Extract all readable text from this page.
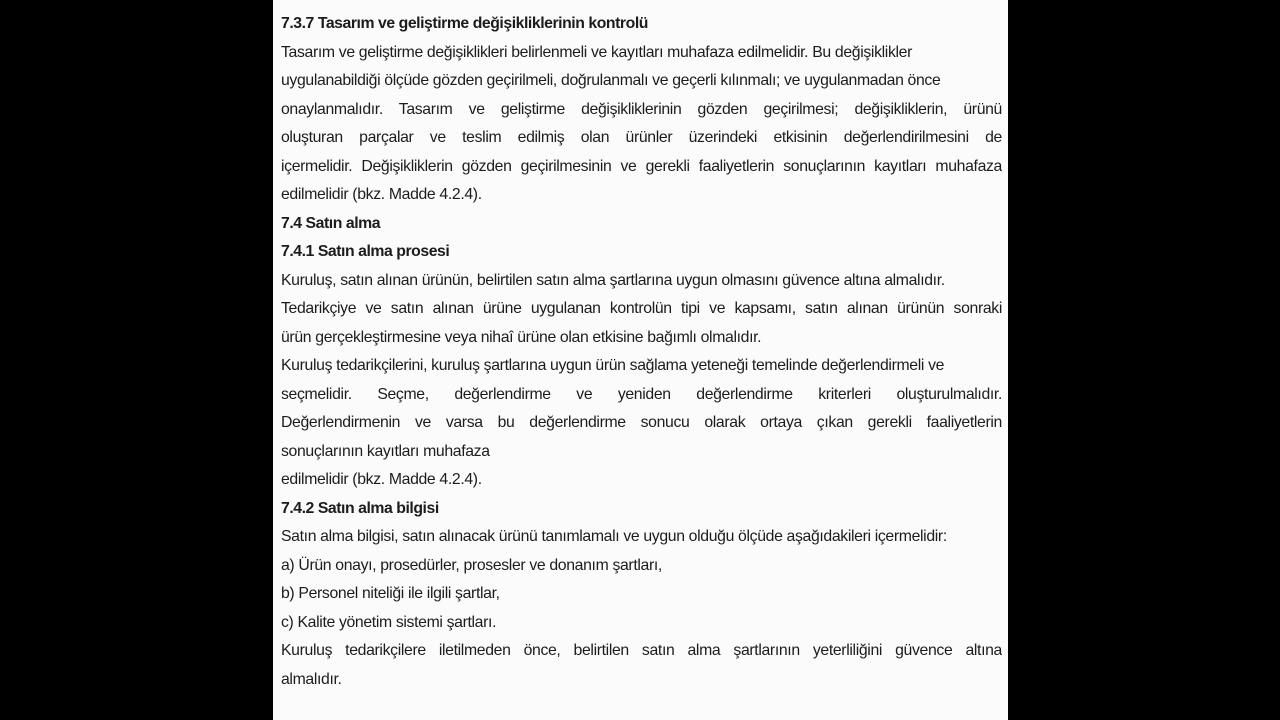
7.3.7 Tasarım ve geliştirme değişikliklerinin kontrolü
Tasarım ve geliştirme değişiklikleri belirlenmeli ve kayıtları muhafaza edilmelidir. Bu değişiklikler
uygulanabildiği ölçüde gözden geçirilmeli, doğrulanmalı ve geçerli kılınmalı; ve uygulanmadan önce
onaylanmalıdır. Tasarım ve geliştirme değişikliklerinin gözden geçirilmesi; değişikliklerin, ürünü
oluşturan parçalar ve teslim edilmiş olan ürünler üzerindeki etkisinin değerlendirilmesini de
içermelidir. Değişikliklerin gözden geçirilmesinin ve gerekli faaliyetlerin sonuçlarının kayıtları muhafaza
edilmelidir (bkz. Madde 4.2.4).
7.4 Satın alma
7.4.1 Satın alma prosesi
Kuruluş, satın alınan ürünün, belirtilen satın alma şartlarına uygun olmasını güvence altına almalıdır.
Tedarikçiye ve satın alınan ürüne uygulanan kontrolün tipi ve kapsamı, satın alınan ürünün sonraki
ürün gerçekleştirmesine veya nihaî ürüne olan etkisine bağımlı olmalıdır.
Kuruluş tedarikçilerini, kuruluş şartlarına uygun ürün sağlama yeteneği temelinde değerlendirmeli ve
seçmelidir. Seçme, değerlendirme ve yeniden değerlendirme kriterleri oluşturulmalıdır.
Değerlendirmenin ve varsa bu değerlendirme sonucu olarak ortaya çıkan gerekli faaliyetlerin
sonuçlarının kayıtları muhafaza
edilmelidir (bkz. Madde 4.2.4).
7.4.2 Satın alma bilgisi
Satın alma bilgisi, satın alınacak ürünü tanımlamalı ve uygun olduğu ölçüde aşağıdakileri içermelidir:
a) Ürün onayı, prosedürler, prosesler ve donanım şartları,
b) Personel niteliği ile ilgili şartlar,
c) Kalite yönetim sistemi şartları.
Kuruluş tedarikçilere iletilmeden önce, belirtilen satın alma şartlarının yeterliliğini güvence altına
almalıdır.
